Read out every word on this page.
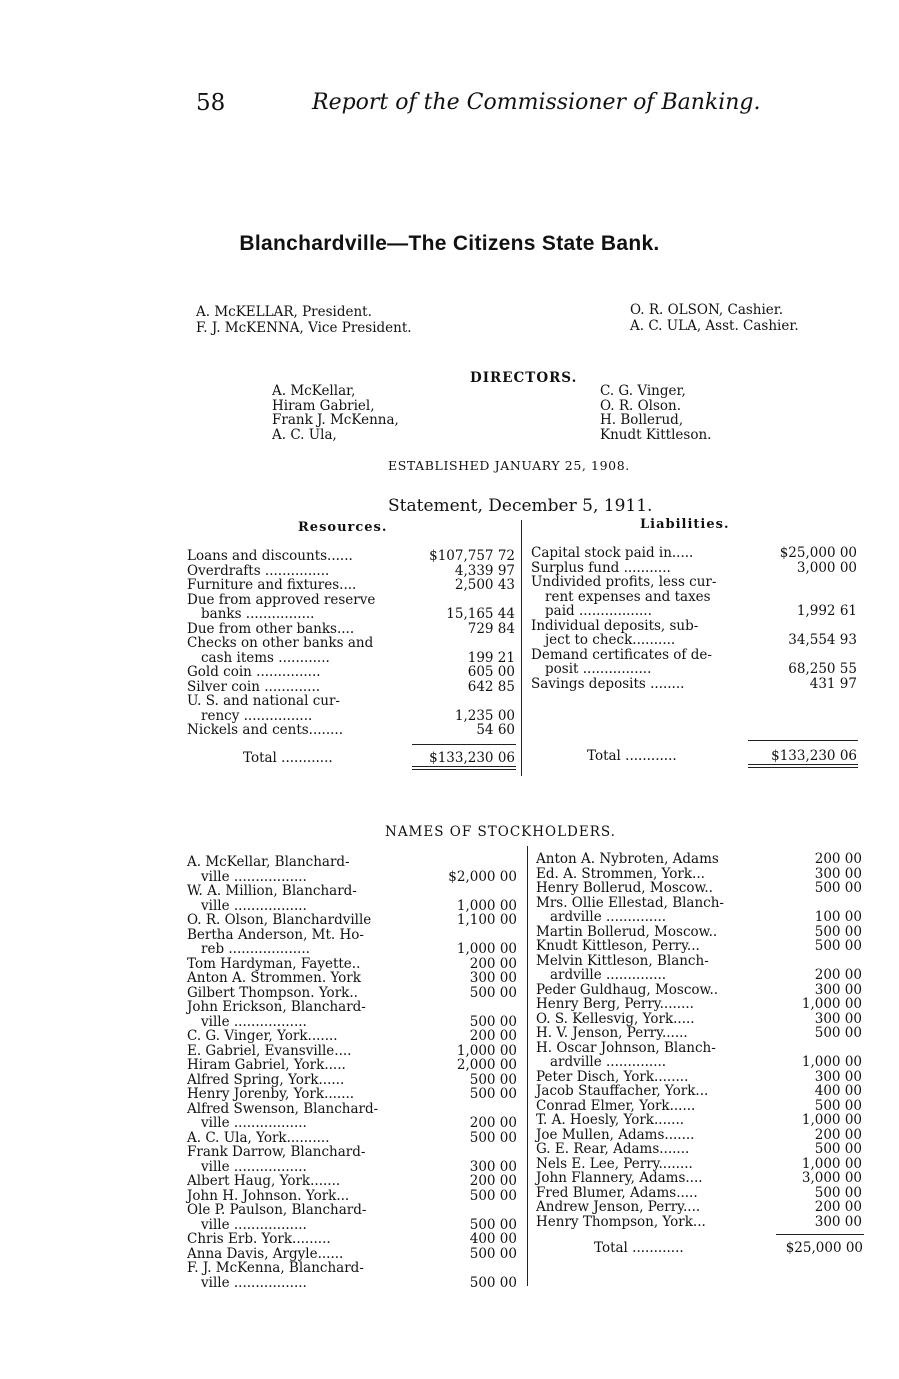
58	Report of the Commissioner of Banking.
Blanchardville—The Citizens State Bank.
A. McKELLAR, President.
F. J. McKENNA, Vice President.
O. R. OLSON, Cashier.
A. C. ULA, Asst. Cashier.
DIRECTORS.
A. McKellar,
Hiram Gabriel,
Frank J. McKenna,
A. C. Ula,
C. G. Vinger,
O. R. Olson.
H. Bollerud,
Knudt Kittleson.
ESTABLISHED JANUARY 25, 1908.
Statement, December 5, 1911.
Resources.
Loans and discounts......	$107,757 72
Overdrafts ...............	4,339 97
Furniture and fixtures....	2,500 43
Due from approved reserve
banks ................	15,165 44
Due from other banks....	729 84
Checks on other banks and
cash items ............	199 21
Gold coin ...............	605 00
Silver coin .............	642 85
U. S. and national cur-
rency ................	1,235 00
Nickels and cents........	54 60
Total ............	$133,230 06
Liabilities.
Capital stock paid in.....	$25,000 00
Surplus fund ...........	3,000 00
Undivided profits, less cur-
rent expenses and taxes
paid .................	1,992 61
Individual deposits, sub-
ject to check..........	34,554 93
Demand certificates of de-
posit ................	68,250 55
Savings deposits ........	431 97
Total ............	$133,230 06
NAMES OF STOCKHOLDERS.
A. McKellar, Blanchard-
ville .................	$2,000 00
W. A. Million, Blanchard-
ville .................	1,000 00
O. R. Olson, Blanchardville	1,100 00
Bertha Anderson, Mt. Ho-
reb ...................	1,000 00
Tom Hardyman, Fayette..	200 00
Anton A. Strommen. York	300 00
Gilbert Thompson. York..	500 00
John Erickson, Blanchard-
ville .................	500 00
C. G. Vinger, York.......	200 00
E. Gabriel, Evansville....	1,000 00
Hiram Gabriel, York.....	2,000 00
Alfred Spring, York......	500 00
Henry Jorenby, York.......	500 00
Alfred Swenson, Blanchard-
ville .................	200 00
A. C. Ula, York..........	500 00
Frank Darrow, Blanchard-
ville .................	300 00
Albert Haug, York.......	200 00
John H. Johnson. York...	500 00
Ole P. Paulson, Blanchard-
ville .................	500 00
Chris Erb. York.........	400 00
Anna Davis, Argyle......	500 00
F. J. McKenna, Blanchard-
ville .................	500 00
Anton A. Nybroten, Adams	200 00
Ed. A. Strommen, York...	300 00
Henry Bollerud, Moscow..	500 00
Mrs. Ollie Ellestad, Blanch-
ardville ..............	100 00
Martin Bollerud, Moscow..	500 00
Knudt Kittleson, Perry...	500 00
Melvin Kittleson, Blanch-
ardville ..............	200 00
Peder Guldhaug, Moscow..	300 00
Henry Berg, Perry........	1,000 00
O. S. Kellesvig, York.....	300 00
H. V. Jenson, Perry......	500 00
H. Oscar Johnson, Blanch-
ardville ..............	1,000 00
Peter Disch, York........	300 00
Jacob Stauffacher, York...	400 00
Conrad Elmer, York......	500 00
T. A. Hoesly, York.......	1,000 00
Joe Mullen, Adams.......	200 00
G. E. Rear, Adams.......	500 00
Nels E. Lee, Perry........	1,000 00
John Flannery, Adams....	3,000 00
Fred Blumer, Adams.....	500 00
Andrew Jenson, Perry....	200 00
Henry Thompson, York...	300 00
Total ............	$25,000 00
